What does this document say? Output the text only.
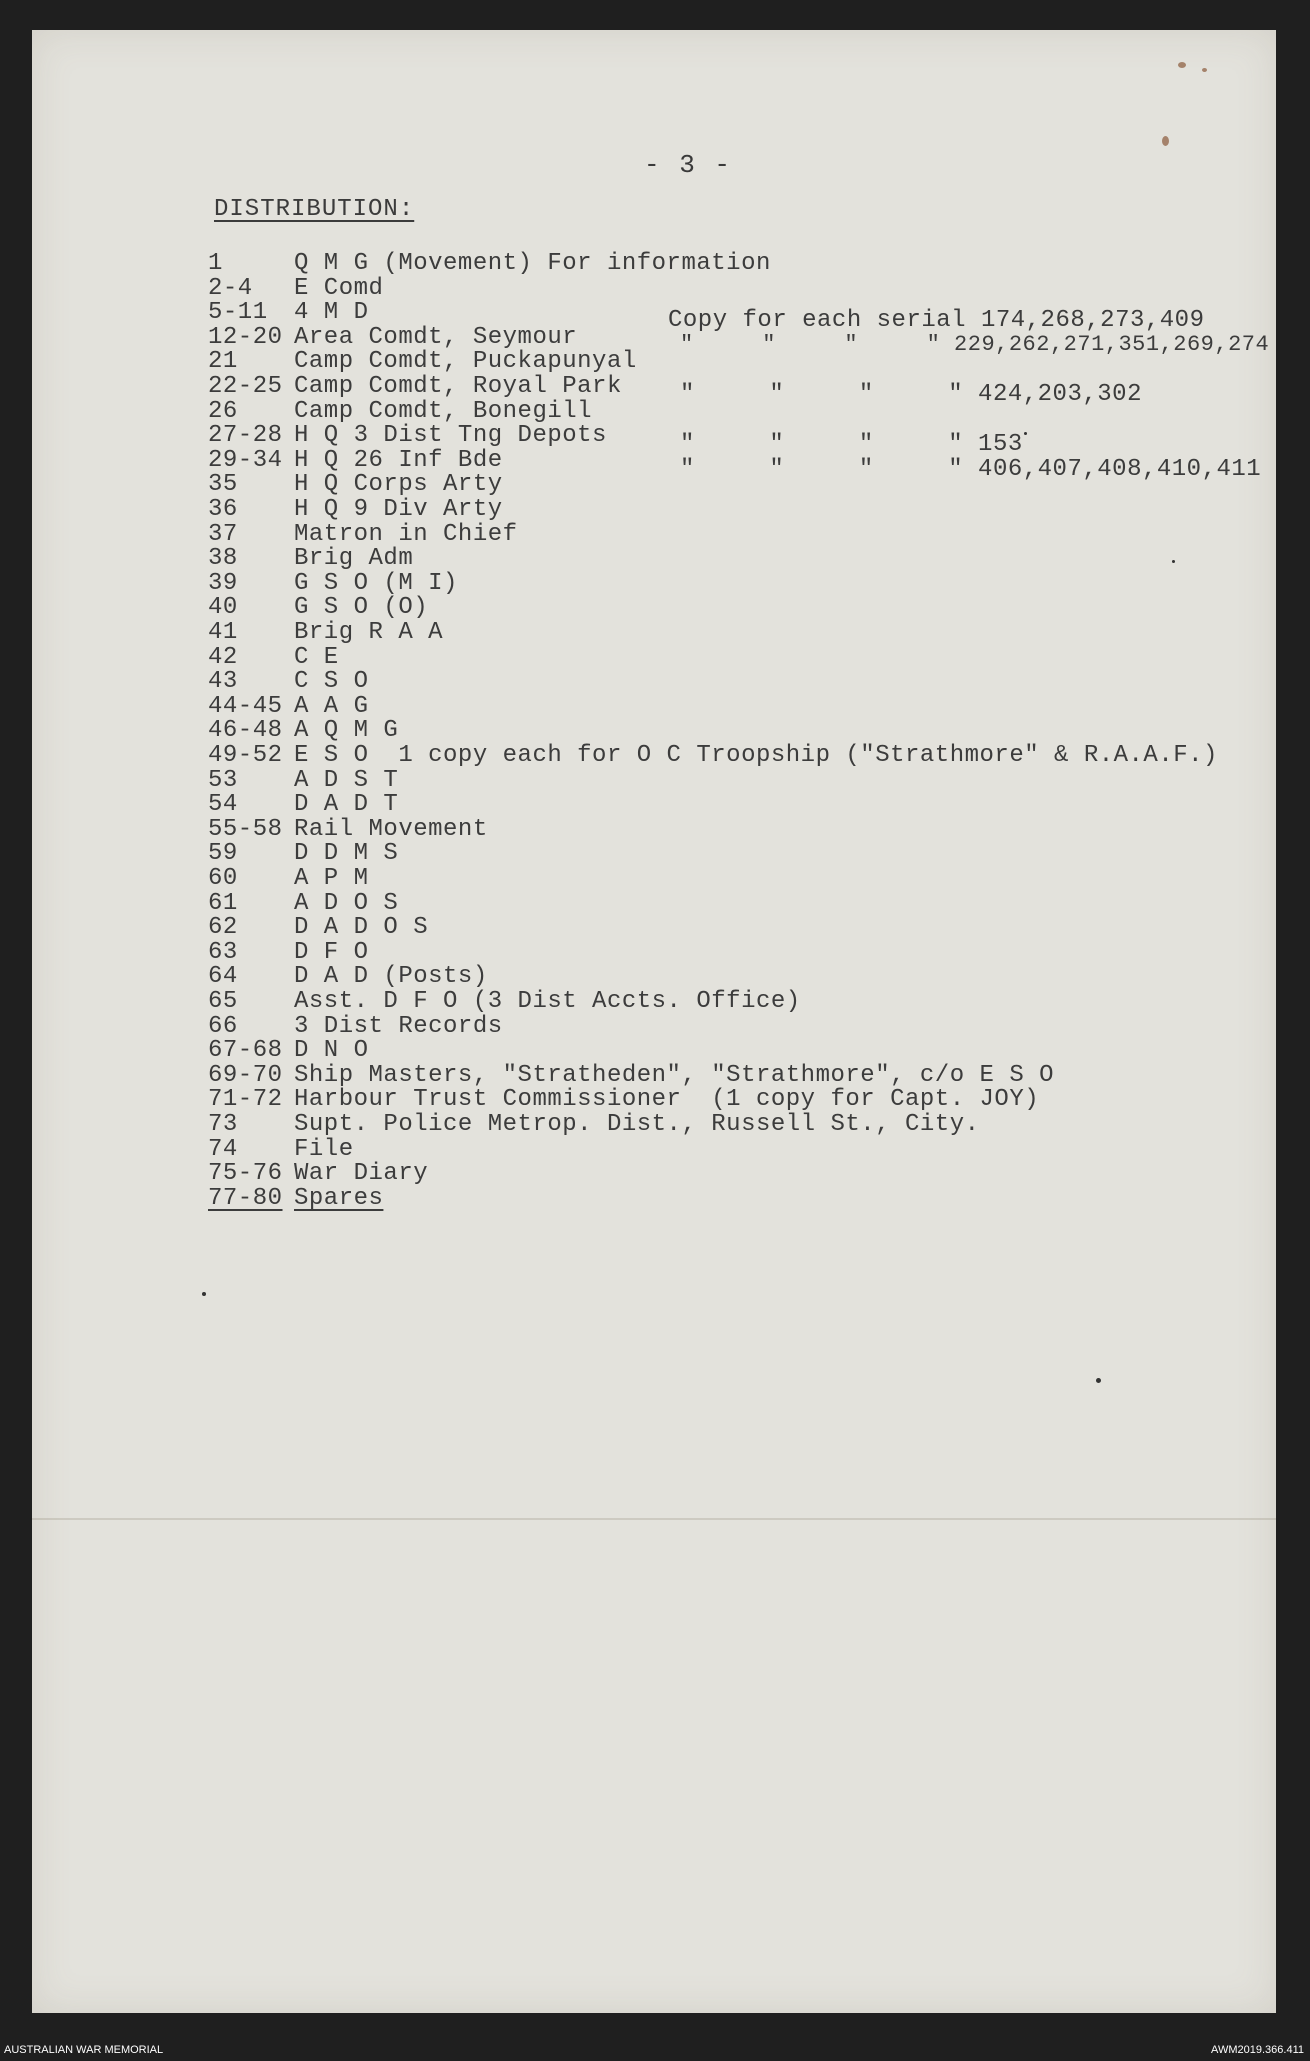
- 3 -
DISTRIBUTION:
1	Q M G (Movement) For information
2-4 E Comd
5-11 4 M D
12-20 Area Comdt, Seymour
21 Camp Comdt, Puckapunyal
22-25 Camp Comdt, Royal Park
26 Camp Comdt, Bonegill
27-28 H Q 3 Dist Tng Depots
29-34 H Q 26 Inf Bde
35 H Q Corps Arty
36 H Q 9 Div Arty
37 Matron in Chief
38 Brig Adm
39 G S O (M I)
40 G S O (O)
41 Brig R A A
42 C E
43 C S O
44-45 A A G
46-48 A Q M G
49-52 E S O  1 copy each for O C Troopship ("Strathmore" & R.A.A.F.)
53 A D S T
54 D A D T
55-58 Rail Movement
59 D D M S
60 A P M
61 A D O S
62 D A D O S
63 D F O
64 D A D (Posts)
65 Asst. D F O (3 Dist Accts. Office)
66 3 Dist Records
67-68 D N O
69-70 Ship Masters, "Stratheden", "Strathmore", c/o E S O
71-72 Harbour Trust Commissioner  (1 copy for Capt. JOY)
73 Supt. Police Metrop. Dist., Russell St., City.
74 File
75-76 War Diary
77-80 Spares
Copy for each serial 174,268,273,409
"     "     "     " 229,262,271,351,269,274
"     "     "     " 424,203,302
"     "     "     " 153
"     "     "     " 406,407,408,410,411
AUSTRALIAN WAR MEMORIAL	AWM2019.366.411
